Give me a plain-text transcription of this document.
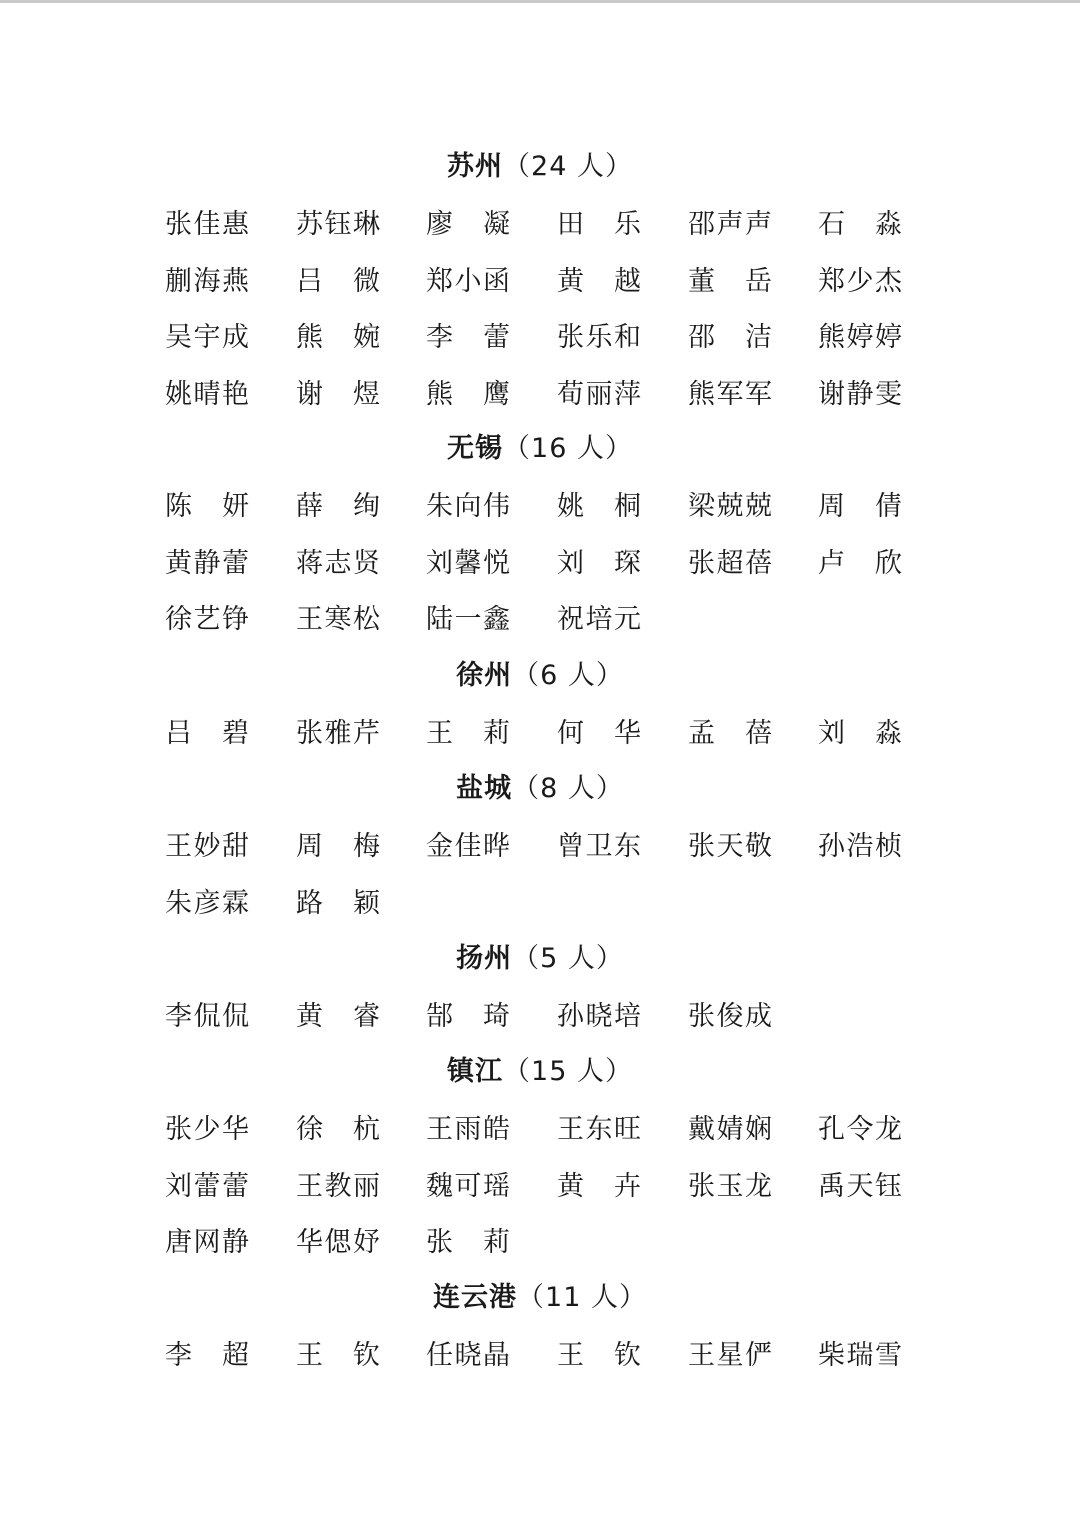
苏州（24 人）
张 佳 惠 苏 钰 琳 廖 凝 田 乐 邵 声 声 石 淼
蒯 海 燕 吕 微 郑 小 函 黄 越 董 岳 郑 少 杰
吴 宇 成 熊 婉 李 蕾 张 乐 和 邵 洁 熊 婷 婷
姚 晴 艳 谢 煜 熊 鹰 荀 丽 萍 熊 军 军 谢 静 雯
无锡（16 人）
陈 妍 薛 绚 朱 向 伟 姚 桐 梁 兢 兢 周 倩
黄 静 蕾 蒋 志 贤 刘 馨 悦 刘 琛 张 超 蓓 卢 欣
徐 艺 铮 王 寒 松 陆 一 鑫 祝 培 元
徐州（6 人）
吕 碧 张 雅 芹 王 莉 何 华 孟 蓓 刘 淼
盐城（8 人）
王 妙 甜 周 梅 金 佳 晔 曾 卫 东 张 天 敬 孙 浩 桢
朱 彦 霖 路 颖
扬州（5 人）
李 侃 侃 黄 睿 郜 琦 孙 晓 培 张 俊 成
镇江（15 人）
张 少 华 徐 杭 王 雨 皓 王 东 旺 戴 婧 娴 孔 令 龙
刘 蕾 蕾 王 教 丽 魏 可 瑶 黄 卉 张 玉 龙 禹 天 钰
唐 网 静 华 偲 妤 张 莉
连云港（11 人）
李 超 王 钦 任 晓 晶 王 钦 王 星 俨 柴 瑞 雪
